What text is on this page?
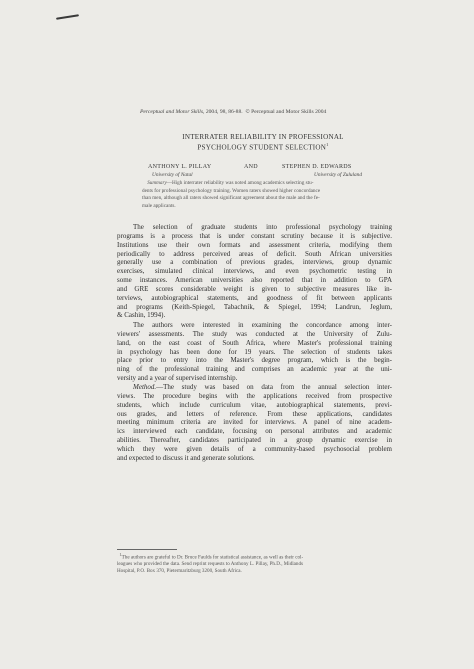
Perceptual and Motor Skills, 2004, 98, 86-88. © Perceptual and Motor Skills 2004
INTERRATER RELIABILITY IN PROFESSIONAL
PSYCHOLOGY STUDENT SELECTION$^1$
ANTHONY L. PILLAY	AND	STEPHEN D. EDWARDS
University of Natal	University of Zululand
Summary—High interrater reliability was noted among academics selecting stu-
dents for professional psychology training. Women raters showed higher concordance
than men, although all raters showed significant agreement about the male and the fe-
male applicants.
The selection of graduate students into professional psychology training
programs is a process that is under constant scrutiny because it is subjective.
Institutions use their own formats and assessment criteria, modifying them
periodically to address perceived areas of deficit. South African universities
generally use a combination of previous grades, interviews, group dynamic
exercises, simulated clinical interviews, and even psychometric testing in
some instances. American universities also reported that in addition to GPA
and GRE scores considerable weight is given to subjective measures like in-
terviews, autobiographical statements, and goodness of fit between applicants
and programs (Keith-Spiegel, Tabachnik, & Spiegel, 1994; Landrun, Jeglum,
& Cashin, 1994).
The authors were interested in examining the concordance among inter-
viewers' assessments. The study was conducted at the University of Zulu-
land, on the east coast of South Africa, where Master's professional training
in psychology has been done for 19 years. The selection of students takes
place prior to entry into the Master's degree program, which is the begin-
ning of the professional training and comprises an academic year at the uni-
versity and a year of supervised internship.
Method.—The study was based on data from the annual selection inter-
views. The procedure begins with the applications received from prospective
students, which include curriculum vitae, autobiographical statements, previ-
ous grades, and letters of reference. From these applications, candidates
meeting minimum criteria are invited for interviews. A panel of nine academ-
ics interviewed each candidate, focusing on personal attributes and academic
abilities. Thereafter, candidates participated in a group dynamic exercise in
which they were given details of a community-based psychosocial problem
and expected to discuss it and generate solutions.
$^1$The authors are grateful to Dr. Bruce Faulds for statistical assistance, as well as their col-
leagues who provided the data. Send reprint requests to Anthony L. Pillay, Ph.D., Midlands
Hospital, P.O. Box 370, Pietermaritzburg 3200, South Africa.
